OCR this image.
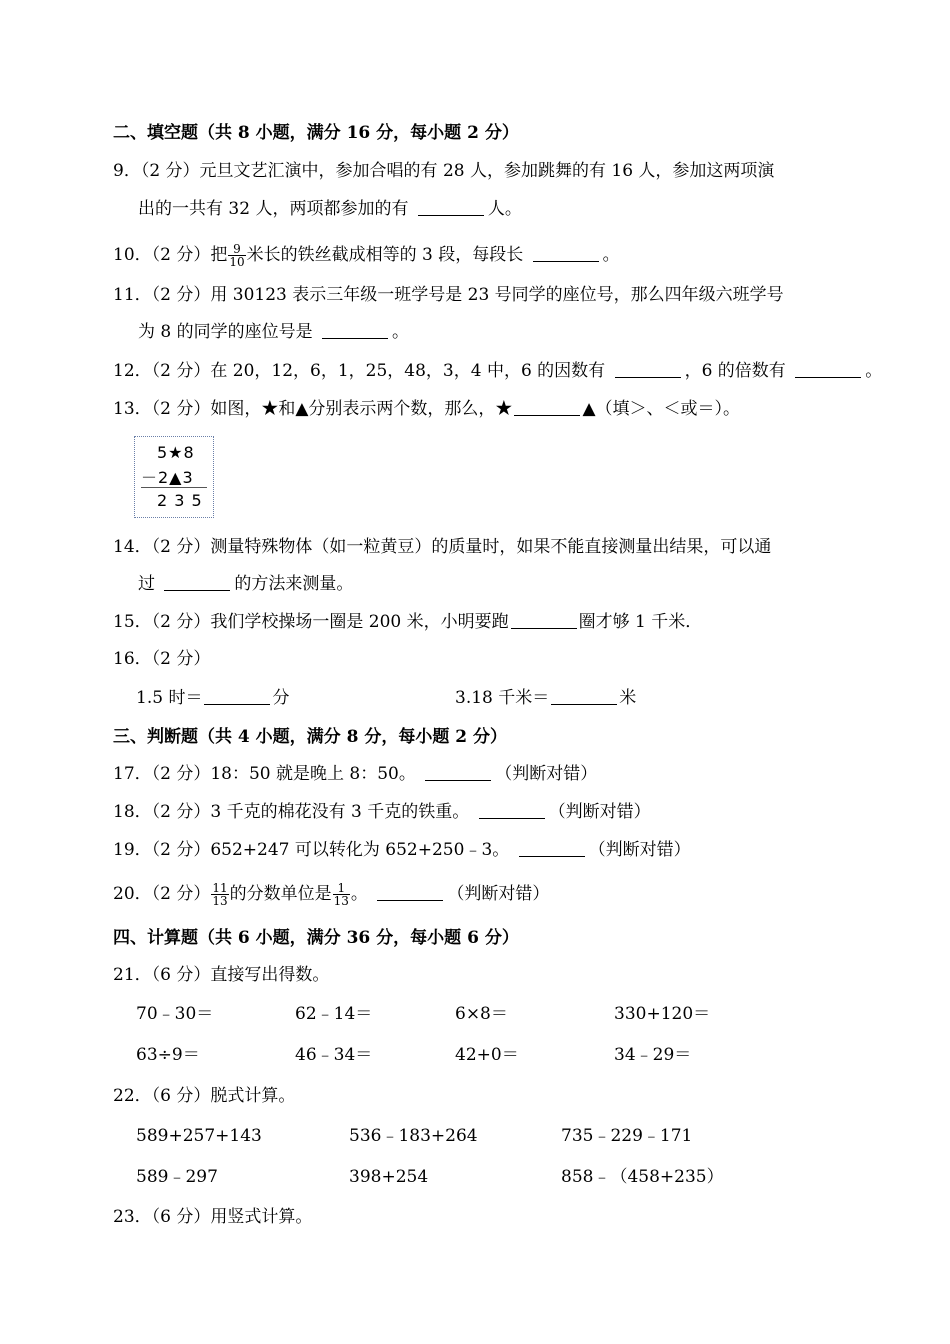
二、填空题（共 8 小题，满分 16 分，每小题 2 分）
9．（2 分）元旦文艺汇演中，参加合唱的有 28 人，参加跳舞的有 16 人，参加这两项演
出的一共有 32 人，两项都参加的有	人。
10．（2 分）把 $\frac{9}{10}$ 米长的铁丝截成相等的 3 段，每段长	。
11．（2 分）用 30123 表示三年级一班学号是 23 号同学的座位号，那么四年级六班学号
为 8 的同学的座位号是	。
12．（2 分）在 20，12，6，1，25，48，3，4 中，6 的因数有	，6 的倍数有	。
13．（2 分）如图，★和▲分别表示两个数，那么，★	▲（填＞、＜或＝）。
5★8
－2▲3
2 3 5
14．（2 分）测量特殊物体（如一粒黄豆）的质量时，如果不能直接测量出结果，可以通
过	的方法来测量。
15．（2 分）我们学校操场一圈是 200 米，小明要跑	圈才够 1 千米．
16．（2 分）
1.5 时＝	分	3.18 千米＝	米
三、判断题（共 4 小题，满分 8 分，每小题 2 分）
17．（2 分）18：50 就是晚上 8：50。	（判断对错）
18．（2 分）3 千克的棉花没有 3 千克的铁重。	（判断对错）
19．（2 分）652+247 可以转化为 652+250﹣3。	（判断对错）
20．（2 分） $\frac{11}{13}$ 的分数单位是 $\frac{1}{13}$ 。	（判断对错）
四、计算题（共 6 小题，满分 36 分，每小题 6 分）
21．（6 分）直接写出得数。
70﹣30＝	62﹣14＝	6×8＝	330+120＝
63÷9＝	46﹣34＝	42+0＝	34﹣29＝
22．（6 分）脱式计算。
589+257+143	536﹣183+264	735﹣229﹣171
589﹣297	398+254	858﹣（458+235）
23．（6 分）用竖式计算。
